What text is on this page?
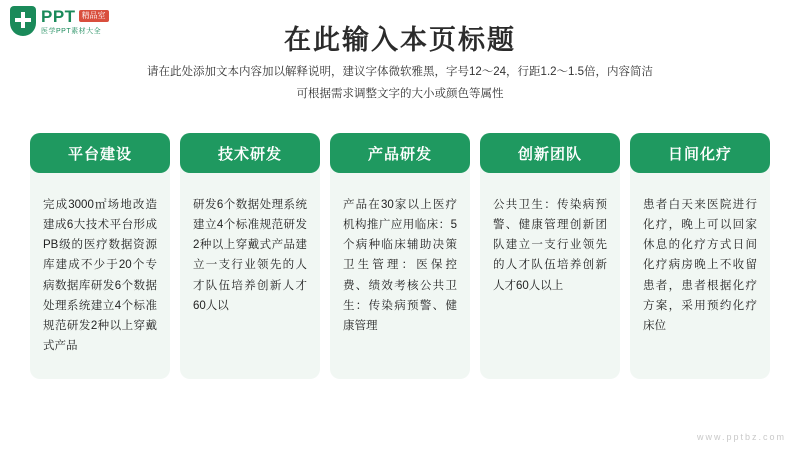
PPT 精品室
医学PPT素材大全	在此输入本页标题
请在此处添加文本内容加以解释说明，建议字体微软雅黑，字号12～24，行距1.2～1.5倍，内容简洁
可根据需求调整文字的大小或颜色等属性
平台建设
完成3000㎡场地改造建成6大技术平台形成PB级的医疗数据资源库建成不少于20个专病数据库研发6个数据处理系统建立4个标准规范研发2种以上穿戴式产品
技术研发
研发6个数据处理系统建立4个标准规范研发2种以上穿戴式产品建立一支行业领先的人才队伍培养创新人才60人以
产品研发
产品在30家以上医疗机构推广应用临床：5个病种临床辅助决策卫生管理：医保控费、绩效考核公共卫生：传染病预警、健康管理
创新团队
公共卫生：传染病预警、健康管理创新团队建立一支行业领先的人才队伍培养创新人才60人以上
日间化疗
患者白天来医院进行化疗，晚上可以回家休息的化疗方式日间化疗病房晚上不收留患者，患者根据化疗方案，采用预约化疗床位
www.pptbz.com
